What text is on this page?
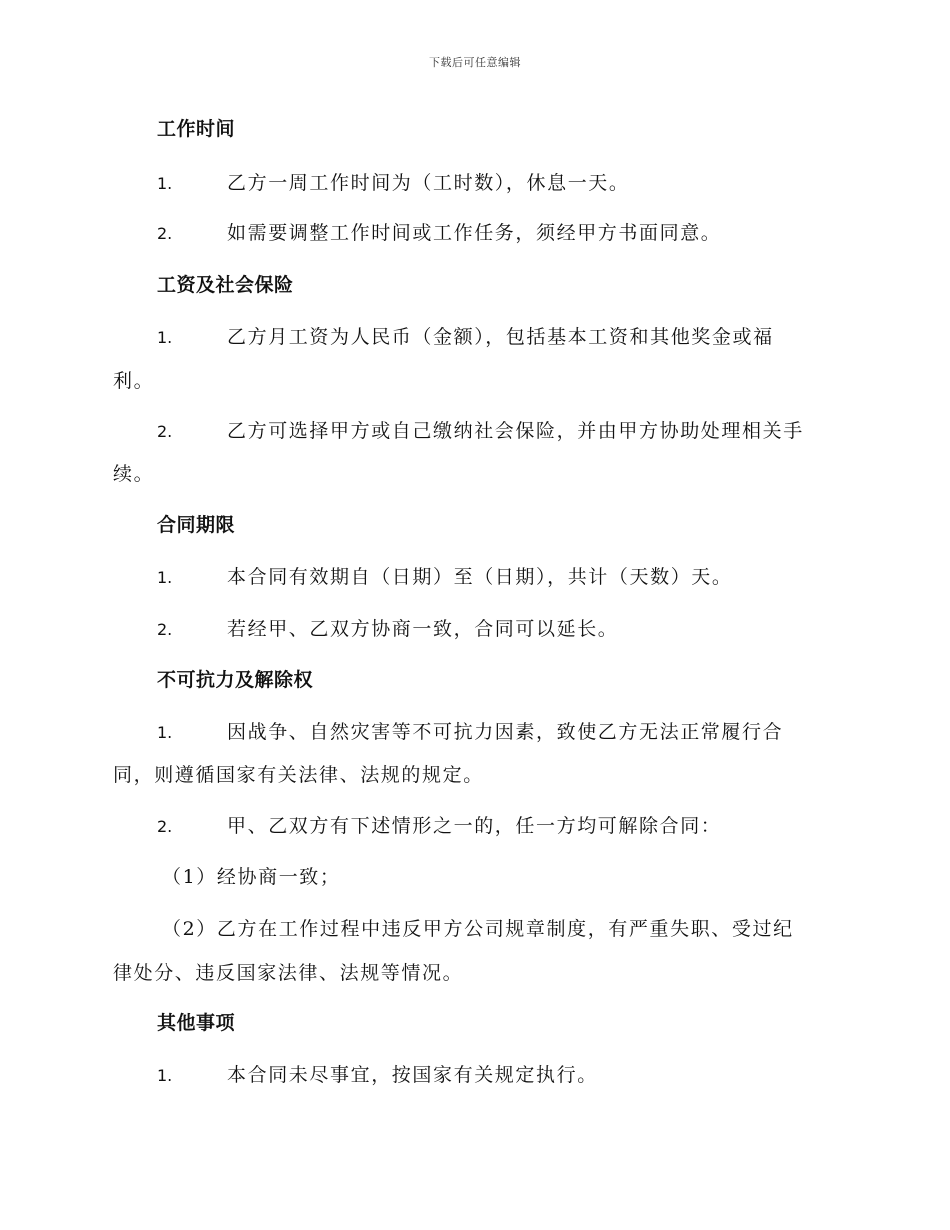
下载后可任意编辑
工作时间
1.	乙方一周工作时间为（工时数），休息一天。
2.	如需要调整工作时间或工作任务，须经甲方书面同意。
工资及社会保险
1.	乙方月工资为人民币（金额），包括基本工资和其他奖金或福
利。
2.	乙方可选择甲方或自己缴纳社会保险，并由甲方协助处理相关手
续。
合同期限
1.	本合同有效期自（日期）至（日期），共计（天数）天。
2.	若经甲、乙双方协商一致，合同可以延长。
不可抗力及解除权
1.	因战争、自然灾害等不可抗力因素，致使乙方无法正常履行合
同，则遵循国家有关法律、法规的规定。
2.	甲、乙双方有下述情形之一的，任一方均可解除合同：
（1）经协商一致；
（2）乙方在工作过程中违反甲方公司规章制度，有严重失职、受过纪
律处分、违反国家法律、法规等情况。
其他事项
1.	本合同未尽事宜，按国家有关规定执行。
